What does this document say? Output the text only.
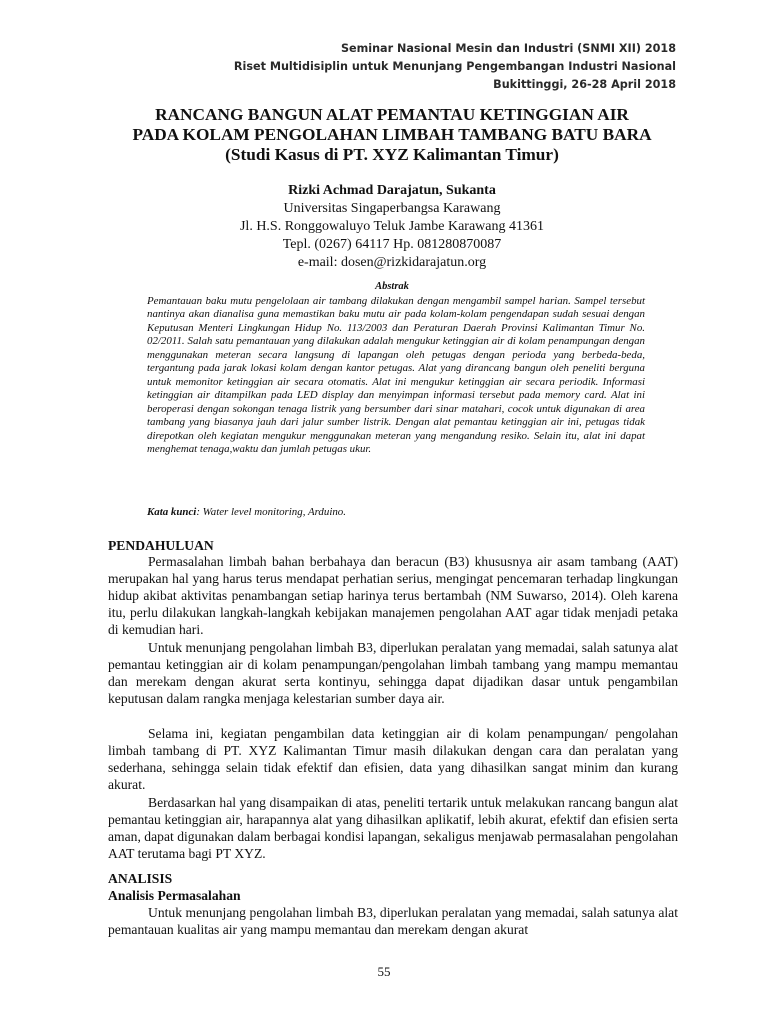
Seminar Nasional Mesin dan Industri (SNMI XII) 2018
Riset Multidisiplin untuk Menunjang Pengembangan Industri Nasional
Bukittinggi, 26-28 April 2018
RANCANG BANGUN ALAT PEMANTAU KETINGGIAN AIR
PADA KOLAM PENGOLAHAN LIMBAH TAMBANG BATU BARA
(Studi Kasus di PT. XYZ Kalimantan Timur)
Rizki Achmad Darajatun, Sukanta
Universitas Singaperbangsa Karawang
Jl. H.S. Ronggowaluyo Teluk Jambe Karawang 41361
Tepl. (0267) 64117 Hp. 081280870087
e-mail: dosen@rizkidarajatun.org
Abstrak
Pemantauan baku mutu pengelolaan air tambang dilakukan dengan mengambil sampel harian. Sampel tersebut nantinya akan dianalisa guna memastikan baku mutu air pada kolam-kolam pengendapan sudah sesuai dengan Keputusan Menteri Lingkungan Hidup No. 113/2003 dan Peraturan Daerah Provinsi Kalimantan Timur No. 02/2011. Salah satu pemantauan yang dilakukan adalah mengukur ketinggian air di kolam penampungan dengan menggunakan meteran secara langsung di lapangan oleh petugas dengan perioda yang berbeda-beda, tergantung pada jarak lokasi kolam dengan kantor petugas. Alat yang dirancang bangun oleh peneliti berguna untuk memonitor ketinggian air secara otomatis. Alat ini mengukur ketinggian air secara periodik. Informasi ketinggian air ditampilkan pada LED display dan menyimpan informasi tersebut pada memory card. Alat ini beroperasi dengan sokongan tenaga listrik yang bersumber dari sinar matahari, cocok untuk digunakan di area tambang yang biasanya jauh dari jalur sumber listrik. Dengan alat pemantau ketinggian air ini, petugas tidak direpotkan oleh kegiatan mengukur menggunakan meteran yang mengandung resiko. Selain itu, alat ini dapat menghemat tenaga,waktu dan jumlah petugas ukur.
Kata kunci: Water level monitoring, Arduino.
PENDAHULUAN
Permasalahan limbah bahan berbahaya dan beracun (B3) khususnya air asam tambang (AAT) merupakan hal yang harus terus mendapat perhatian serius, mengingat pencemaran terhadap lingkungan hidup akibat aktivitas penambangan setiap harinya terus bertambah (NM Suwarso, 2014). Oleh karena itu, perlu dilakukan langkah-langkah kebijakan manajemen pengolahan AAT agar tidak menjadi petaka di kemudian hari.
Untuk menunjang pengolahan limbah B3, diperlukan peralatan yang memadai, salah satunya alat pemantau ketinggian air di kolam penampungan/pengolahan limbah tambang yang mampu memantau dan merekam dengan akurat serta kontinyu, sehingga dapat dijadikan dasar untuk pengambilan keputusan dalam rangka menjaga kelestarian sumber daya air.
Selama ini, kegiatan pengambilan data ketinggian air di kolam penampungan/ pengolahan limbah tambang di PT. XYZ Kalimantan Timur masih dilakukan dengan cara dan peralatan yang sederhana, sehingga selain tidak efektif dan efisien, data yang dihasilkan sangat minim dan kurang akurat.
Berdasarkan hal yang disampaikan di atas, peneliti tertarik untuk melakukan rancang bangun alat pemantau ketinggian air, harapannya alat yang dihasilkan aplikatif, lebih akurat, efektif dan efisien serta aman, dapat digunakan dalam berbagai kondisi lapangan, sekaligus menjawab permasalahan pengolahan AAT terutama bagi PT XYZ.
ANALISIS
Analisis Permasalahan
Untuk menunjang pengolahan limbah B3, diperlukan peralatan yang memadai, salah satunya alat pemantauan kualitas air yang mampu memantau dan merekam dengan akurat
55
